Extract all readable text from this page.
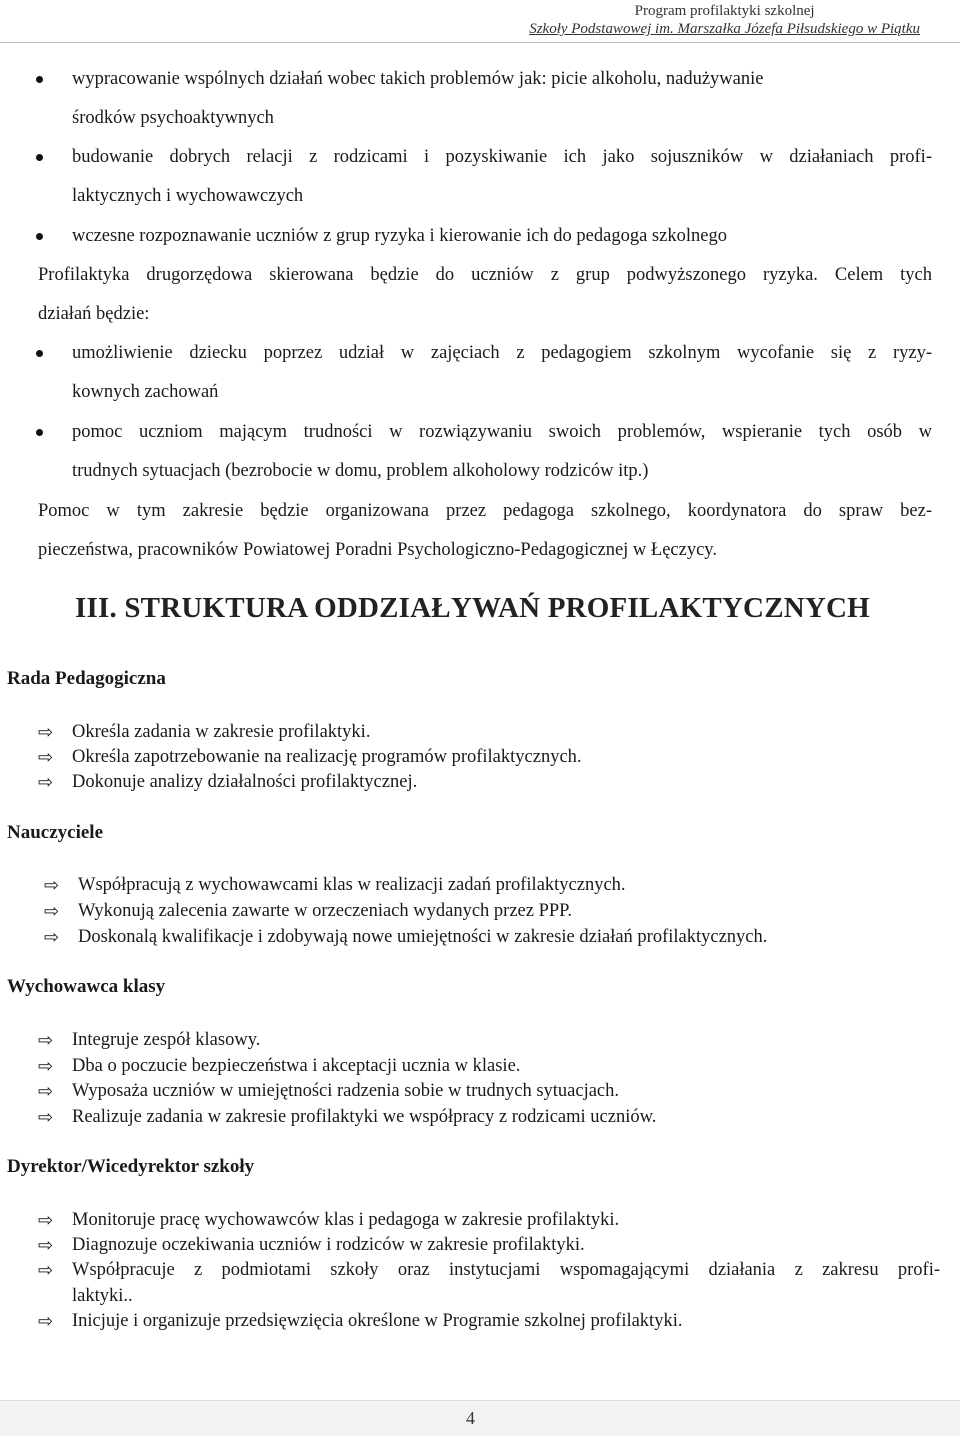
Program profilaktyki szkolnej
Szkoły Podstawowej im. Marszałka Józefa Piłsudskiego w Piątku
wypracowanie wspólnych działań wobec takich problemów jak: picie alkoholu, nadużywanie
środków psychoaktywnych
budowanie dobrych relacji z rodzicami i pozyskiwanie ich jako sojuszników w działaniach profi-
laktycznych i wychowawczych
wczesne rozpoznawanie uczniów z grup ryzyka i kierowanie ich do pedagoga szkolnego
Profilaktyka drugorzędowa skierowana będzie do uczniów z grup podwyższonego ryzyka. Celem tych
działań będzie:
umożliwienie dziecku poprzez udział w zajęciach z pedagogiem szkolnym wycofanie się z ryzy-
kownych zachowań
pomoc uczniom mającym trudności w rozwiązywaniu swoich problemów, wspieranie tych osób w
trudnych sytuacjach (bezrobocie w domu, problem alkoholowy rodziców itp.)
Pomoc w tym zakresie będzie organizowana przez pedagoga szkolnego, koordynatora do spraw bez-
pieczeństwa, pracowników Powiatowej Poradni Psychologiczno-Pedagogicznej w Łęczycy.
III. STRUKTURA ODDZIAŁYWAŃ PROFILAKTYCZNYCH
Rada Pedagogiczna
⇨ Określa zadania w zakresie profilaktyki.
⇨ Określa zapotrzebowanie na realizację programów profilaktycznych.
⇨ Dokonuje analizy działalności profilaktycznej.
Nauczyciele
⇨ Współpracują z wychowawcami klas w realizacji zadań profilaktycznych.
⇨ Wykonują zalecenia zawarte w orzeczeniach wydanych przez PPP.
⇨ Doskonalą kwalifikacje i zdobywają nowe umiejętności w zakresie działań profilaktycznych.
Wychowawca klasy
⇨ Integruje zespół klasowy.
⇨ Dba o poczucie bezpieczeństwa i akceptacji ucznia w klasie.
⇨ Wyposaża uczniów w umiejętności radzenia sobie w trudnych sytuacjach.
⇨ Realizuje zadania w zakresie profilaktyki we współpracy z rodzicami uczniów.
Dyrektor/Wicedyrektor szkoły
⇨ Monitoruje pracę wychowawców klas i pedagoga w zakresie profilaktyki.
⇨ Diagnozuje oczekiwania uczniów i rodziców w zakresie profilaktyki.
⇨ Współpracuje z podmiotami szkoły oraz instytucjami wspomagającymi działania z zakresu profi-
laktyki..
⇨ Inicjuje i organizuje przedsięwzięcia określone w Programie szkolnej profilaktyki.
4
